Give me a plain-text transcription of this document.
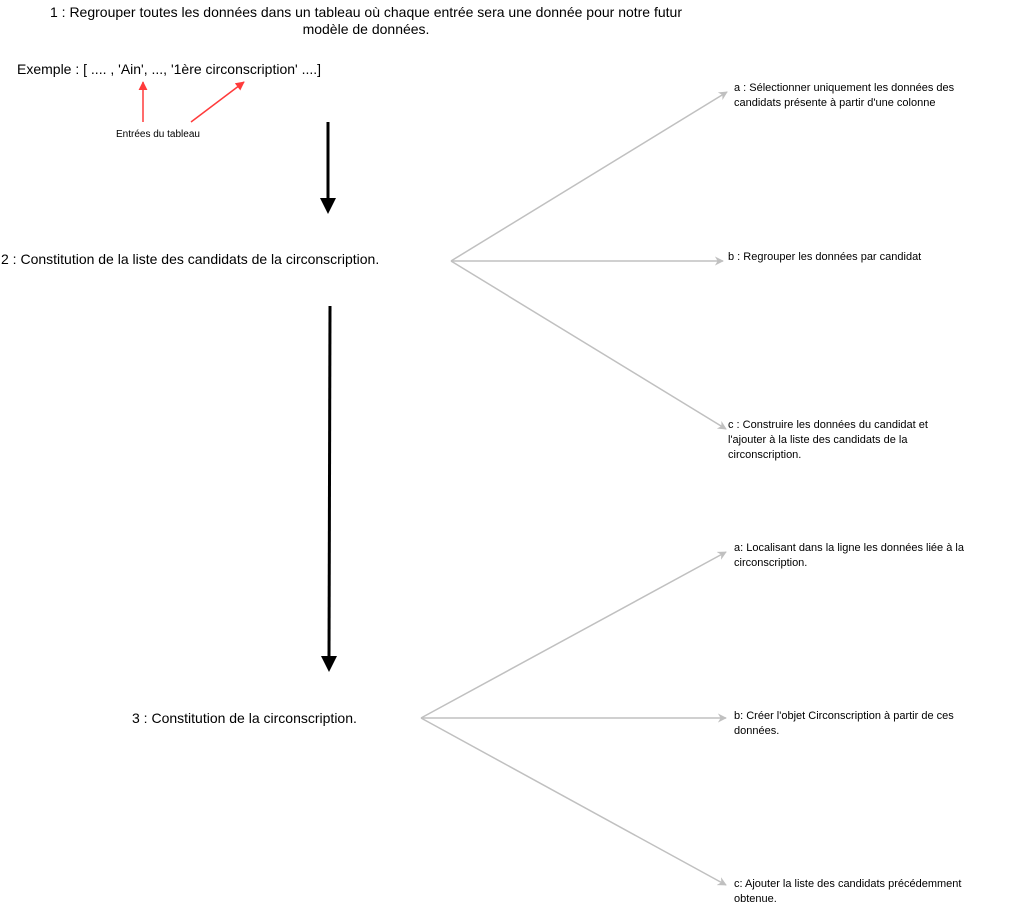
1 : Regrouper toutes les données dans un tableau où chaque entrée sera une donnée pour notre futur
modèle de données.
Exemple : [ .... , 'Ain', ..., '1ère circonscription' ....]
Entrées du tableau
2 : Constitution de la liste des candidats de la circonscription.
a : Sélectionner uniquement les données des
candidats présente à partir d'une colonne
b : Regrouper les données par candidat
c : Construire les données du candidat et
l'ajouter à la liste des candidats de la
circonscription.
3 : Constitution de la circonscription.
a: Localisant dans la ligne les données liée à la
circonscription.
b: Créer l'objet Circonscription à partir de ces
données.
c: Ajouter la liste des candidats précédemment
obtenue.
